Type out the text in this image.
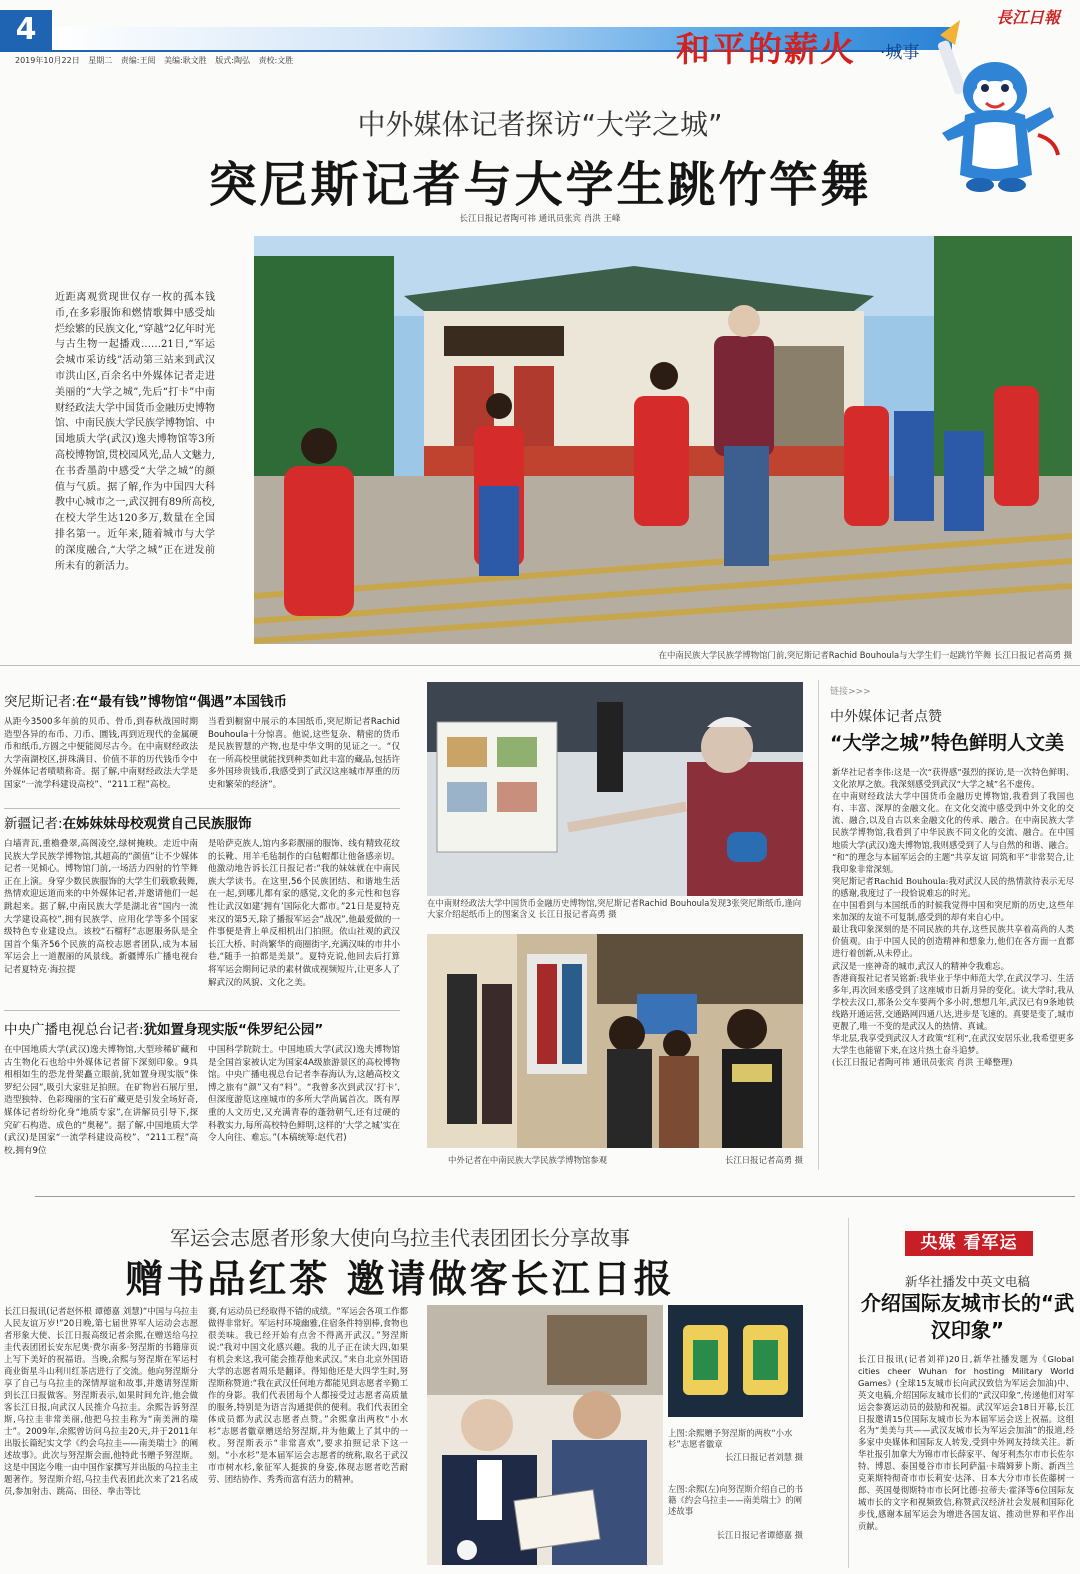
4
和平的薪火 ·城事
2019年10月22日 星期二 责编:王阅 美编:耿文胜 版式:陶弘 责校:文胜
長江日報
中外媒体记者探访“大学之城”
突尼斯记者与大学生跳竹竿舞
长江日报记者陶可祎 通讯员张宾 肖洪 王峰
近距离观赏现世仅存一枚的孤本钱币,在多彩服饰和燃情歌舞中感受灿烂绘繁的民族文化,“穿越”2亿年时光与古生物一起播戏……21日,“军运会城市采访线”活动第三站来到武汉市洪山区,百余名中外媒体记者走进美丽的“大学之城”,先后“打卡”中南财经政法大学中国货币金融历史博物馆、中南民族大学民族学博物馆、中国地质大学(武汉)逸夫博物馆等3所高校博物馆,贯校园风光,品人文魅力,在书香墨韵中感受“大学之城”的颜值与气质。据了解,作为中国四大科教中心城市之一,武汉拥有89所高校,在校大学生达120多万,数量在全国排名第一。近年来,随着城市与大学的深度融合,“大学之城”正在迸发前所未有的新活力。
在中南民族大学民族学博物馆门前,突尼斯记者Rachid Bouhoula与大学生们一起跳竹竿舞 长江日报记者高勇 摄
突尼斯记者:在“最有钱”博物馆“偶遇”本国钱币
从距今3500多年前的贝币、骨币,到春秋战国时期造型各异的布币、刀币、圜钱,再到近现代的金属硬币和纸币,方圆之中便能阅尽古今。在中南财经政法大学南湖校区,拼珠满目、价值不菲的历代钱币令中外媒体记者啧啧称奇。据了解,中南财经政法大学是国家“一流学科建设高校”、“211工程”高校。
当看到橱窗中展示的本国纸币,突尼斯记者Rachid Bouhoula十分惊喜。他说,这些复杂、精密的货币是民族智慧的产物,也是中华文明的见证之一。“仅在一所高校里就能找到种类如此丰富的藏品,包括许多外国珍贵钱币,我感受到了武汉这座城市厚重的历史和繁荣的经济”。
新疆记者:在姊妹妹母校观赏自己民族服饰
白墙青瓦,重檐叠翠,高阁凌空,绿树掩映。走近中南民族大学民族学博物馆,其超高的“颜值”让不少媒体记者一见倾心。博物馆门前,一场活力四射的竹竿舞正在上演。身穿少数民族服饰的大学生们载歌载舞,热情欢迎远道而来的中外媒体记者,并邀请他们一起跳起来。据了解,中南民族大学是湖北省“国内一流大学建设高校”,拥有民族学、应用化学等多个国家级特色专业建设点。该校“石榴籽”志愿服务队是全国首个集齐56个民族的高校志愿者团队,成为本届军运会上一道靓丽的风景线。新疆博乐广播电视台记者夏特克·海拉提
是哈萨克族人,馆内多彩靓丽的服饰、线有精致花纹的长靴、用羊毛毡制作的白毡帽都让他备感亲切。他激动地告诉长江日报记者:“我的妹妹就在中南民族大学读书。在这里,56个民族团结、和谐地生活在一起,到哪儿都有家的感觉,文化的多元性和包容性让武汉如建‘拥有’国际化大都市。”21日是夏特克来汉的第5天,除了播报军运会“战况”,他最爱做的一件事便是背上单反相机出门拍照。依山社观的武汉长江大桥、时尚繁华的商圈街字,充满汉味的市井小巷,“随手一拍都是美景”。夏特克说,他回去后打算将军运会期间记录的素材做成视频短片,让更多人了解武汉的风貌、文化之美。
中央广播电视总台记者:犹如置身现实版“侏罗纪公园”
在中国地质大学(武汉)逸夫博物馆,大型珍稀矿藏和古生物化石也给中外媒体记者留下深刻印象。9具相相如生的恐龙骨架矗立眼前,犹如置身现实版“侏罗纪公园”,吸引大家驻足拍照。在矿物岩石展厅里,造型独特、色彩瑰丽的宝石矿藏更是引发全场好奇,媒体记者纷纷化身“地质专家”,在讲解员引导下,探究矿石构造、成色的“奥秘”。据了解,中国地质大学(武汉)是国家“一流学科建设高校”、“211工程”高校,拥有9位
中国科学院院士。中国地质大学(武汉)逸夫博物馆是全国首家被认定为国家4A级旅游景区的高校博物馆。中央广播电视总台记者李春海认为,这趟高校文博之旅有“颜”又有“料”。“我曾多次到武汉‘打卡’,但深度游览这座城市的多所大学尚属首次。既有厚重的人文历史,又充满青春的蓬勃朝气,还有过硬的科教实力,每所高校特色鲜明,这样的‘大学之城’实在令人向往、难忘。”(本稿统筹:赵代君)
在中南财经政法大学中国货币金融历史博物馆,突尼斯记者Rachid Bouhoula发现3张突尼斯纸币,逢向大家介绍起纸币上的图案含义 长江日报记者高勇 摄
中外记者在中南民族大学民族学博物馆参观	长江日报记者高勇 摄
链接>>>
中外媒体记者点赞
“大学之城”特色鲜明人文美

新华社记者李伟:这是一次“获得感”强烈的探访,是一次特色鲜明、文化浓厚之旅。我深刻感受到武汉“大学之城”名不虚传。

在中南财经政法大学中国货币金融历史博物馆,我看到了我国也有、丰富、深厚的金融文化。在文化交流中感受到中外文化的交流、融合,以及自古以来金融文化的传承、融合。在中南民族大学民族学博物馆,我看到了中华民族不同文化的交流、融合。在中国地质大学(武汉)逸夫博物馆,我则感受到了人与自然的和谐、融合。

“和”的理念与本届军运会的主题“共享友谊 同筑和平”非常契合,让我印象非常深刻。

突尼斯记者Rachid Bouhoula:我对武汉人民的热情款待表示无尽的感谢,我度过了一段恰说难忘的时光。

在中国看到与本国纸币的时候我觉得中国和突尼斯的历史,这些年来加深的友谊不可复制,感受到的却有来自心中。

最让我印象深刻的是不同民族的共存,这些民族共享着高尚的人类价值观。由于中国人民的创造精神和想象力,他们在各方面一直都进行着创新,从未停止。

武汉是一座神奇的城市,武汉人的精神令我难忘。

香港商报社记者吴铭新:我毕业于华中师范大学,在武汉学习、生活多年,再次回来感受到了这座城市日新月异的变化。读大学时,我从学校去汉口,那条公交车要两个多小时,想想几年,武汉已有9条地铁线路开通运营,交通路网四通八达,进步是飞速的。真要是变了,城市更靓了,唯一不变的是武汉人的热情、真诚。

华北层,我享受到武汉人才政策“红利”,在武汉安居乐业,我希望更多大学生也能留下来,在这片热土奋斗追梦。

(长江日报记者陶可祎 通讯员张宾 肖洪 王峰整理)

军运会志愿者形象大使向乌拉圭代表团团长分享故事
赠书品红茶 邀请做客长江日报
长江日报讯(记者赵怀根 谭德嘉 刘慧)“中国与乌拉圭人民友谊万岁!”20日晚,第七届世界军人运动会志愿者形象大使、长江日报高级记者余熙,在赠送给乌拉圭代表团团长安东尼奥·费尔南多·努涅斯的书籍扉页上写下美好的祝福语。当晚,余熙与努涅斯在军运村商业街星斗山利川红茶店进行了交流。他向努涅斯分享了自己与乌拉圭的深情厚谊和故事,并邀请努涅斯到长江日报做客。努涅斯表示,如果时间允许,他会做客长江日报,向武汉人民推介乌拉圭。余熙告诉努涅斯,乌拉圭非常美丽,他把乌拉圭称为“南美洲的瑞士”。2009年,余熙曾访问乌拉圭20天,并于2011年出版长篇纪实文学《约会乌拉圭——南美瑞士》的阐述故事》。此次与努涅斯会面,他特此书赠予努涅斯。这是中国迄今唯一由中国作家撰写并出版的乌拉圭主题著作。努涅斯介绍,乌拉圭代表团此次来了21名成员,参加射击、跳高、田径、拳击等比
赛,有运动员已经取得不错的成绩。“军运会各项工作都做得非常好。军运村环境幽雅,住宿条件特别棒,食物也很美味。我已经开始有点舍不得离开武汉。”努涅斯说:“我对中国文化感兴趣。我的儿子正在读大四,如果有机会来这,我可能会推荐他来武汉。”来自北京外国语大学的志愿者周乐是翻译。得知他还是大四学生时,努涅斯称赞道:“我在武汉任何地方都能见到志愿者辛勤工作的身影。我们代表团每个人都接受过志愿者高质量的服务,特别是为语言沟通提供的便利。我们代表团全体成员都为武汉志愿者点赞。”余熙拿出两枚“小水杉”志愿者徽章赠送给努涅斯,并为他戴上了其中的一枚。努涅斯表示“非常喜欢”,要求拍照记录下这一刻。“小水杉”是本届军运会志愿者的统称,取名于武汉市市树水杉,象征军人挺拔的身姿,体现志愿者吃苦耐劳、团结协作、秀秀而富有活力的精神。
上图:余熙赠予努涅斯的两枚“小水杉”志愿者徽章
长江日报记者刘慧 摄
左图:余熙(左)向努涅斯介绍自己的书籍《约会乌拉圭——南美瑞士》的阐述故事
长江日报记者谭德嘉 摄
央媒 看军运
新华社播发中英文电稿
介绍国际友城市长的“武汉印象”
长江日报讯(记者刘祥)20日,新华社播发题为《Global cities cheer Wuhan for hosting Military World Games》(全球15友城市长向武汉致信为军运会加油)中、英文电稿,介绍国际友城市长们的“武汉印象”,传递他们对军运会参赛运动员的鼓励和祝福。武汉军运会18日开幕,长江日报邀请15位国际友城市长为本届军运会送上祝福。这组名为“美美与共——武汉友城市长为军运会加油”的报道,经多家中央媒体和国际友人转发,受到中外网友持续关注。新华社报引加拿大为锦市市长薛家平、匈牙利杰尔市市长佐尔特、博恩、泰国曼谷市市长阿萨温·卡瑞姆萝卜斯、新西兰克莱斯特彻奇市市长莉安·达泽、日本大分市市长佐藤树一郎、英国曼彻斯特市市长阿比德·拉蒂夫·霍泽等6位国际友城市长的文字和视频致信,称赞武汉经济社会发展和国际化步伐,感谢本届军运会为增进各国友谊、推动世界和平作出贡献。
